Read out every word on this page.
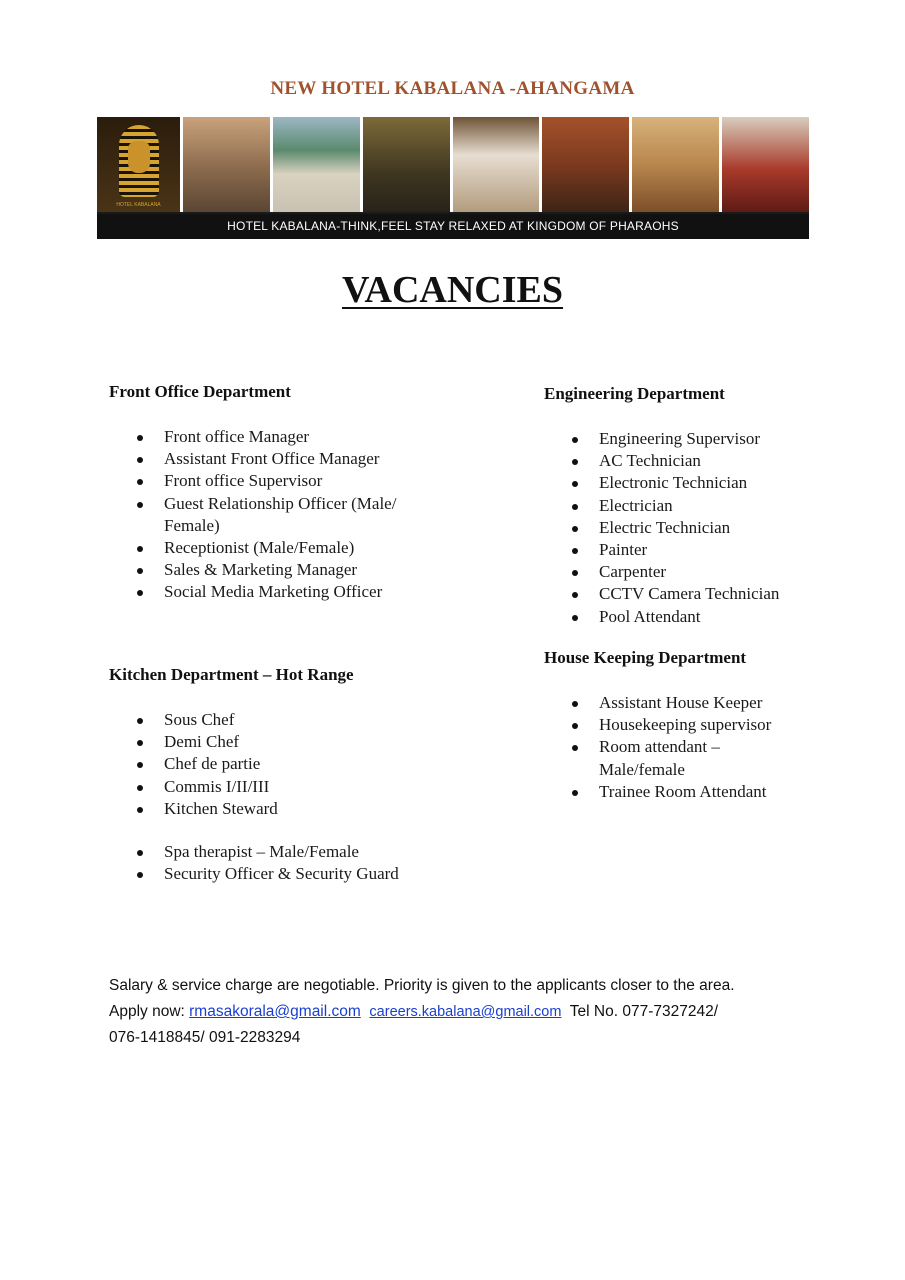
NEW HOTEL KABALANA -AHANGAMA
HOTEL KABALANA
HOTEL KABALANA-THINK,FEEL STAY RELAXED AT KINGDOM OF PHARAOHS
VACANCIES
Front Office Department
Front office Manager
Assistant Front Office Manager
Front office Supervisor
Guest Relationship Officer (Male/
Female)
Receptionist (Male/Female)
Sales & Marketing Manager
Social Media Marketing Officer
Kitchen Department – Hot Range
Sous Chef
Demi Chef
Chef de partie
Commis I/II/III
Kitchen Steward
Spa therapist – Male/Female
Security Officer & Security Guard
Engineering Department
Engineering Supervisor
AC Technician
Electronic Technician
Electrician
Electric Technician
Painter
Carpenter
CCTV Camera Technician
Pool Attendant
House Keeping Department
Assistant House Keeper
Housekeeping supervisor
Room attendant –
Male/female
Trainee Room Attendant
Salary & service charge are negotiable. Priority is given to the applicants closer to the area.
Apply now: rmasakorala@gmail.com careers.kabalana@gmail.com Tel No. 077-7327242/
076-1418845/ 091-2283294
